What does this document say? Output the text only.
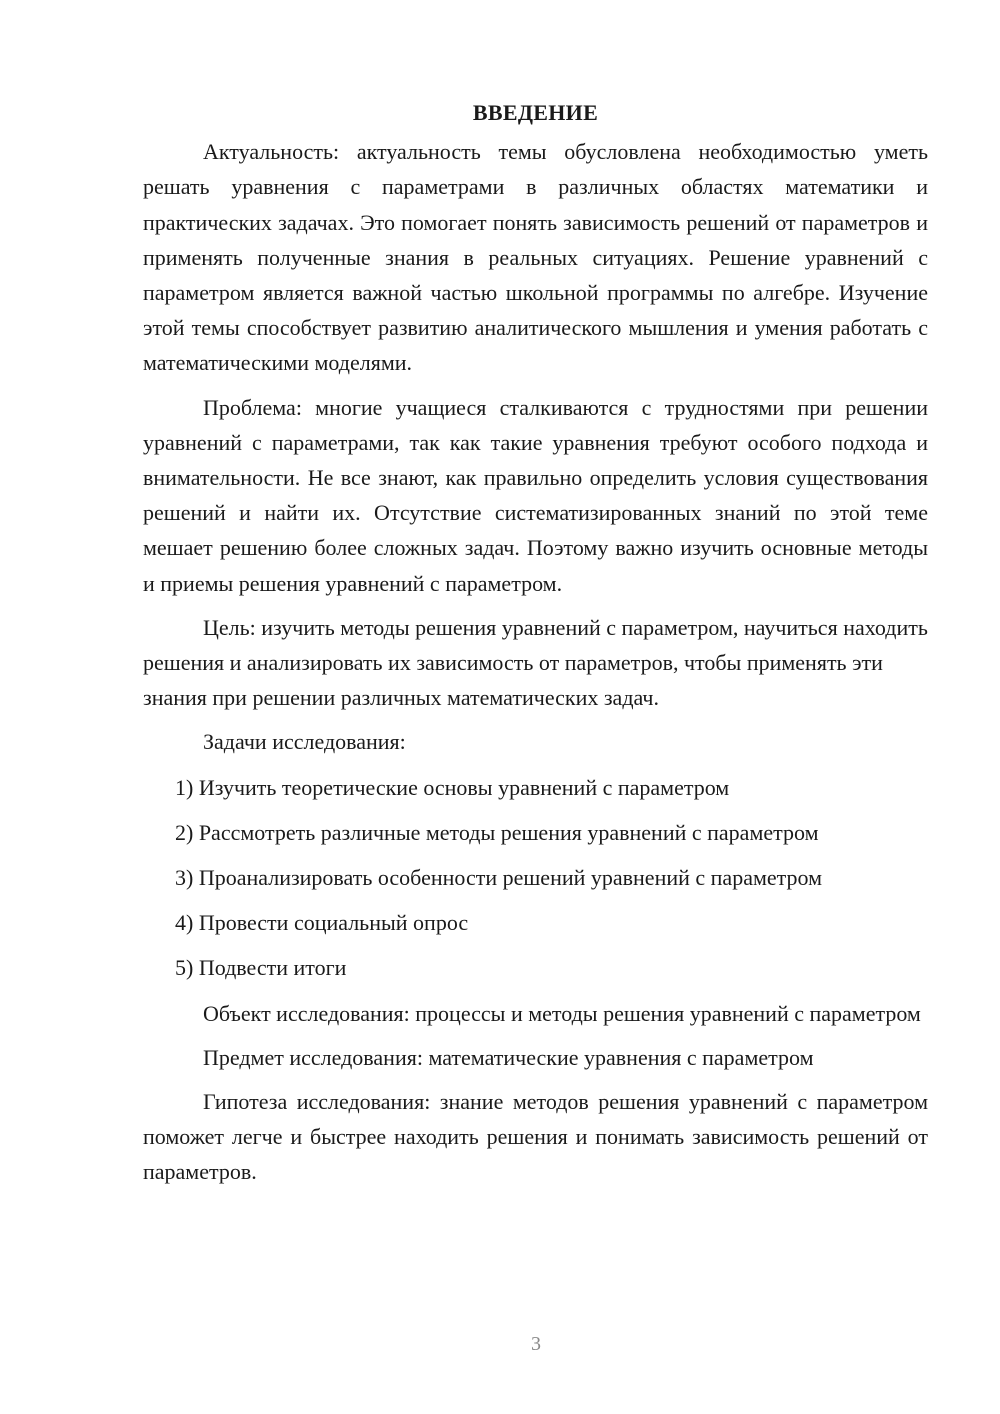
ВВЕДЕНИЕ

Актуальность: актуальность темы обусловлена необходимостью уметь решать уравнения с параметрами в различных областях математики и практических задачах. Это помогает понять зависимость решений от параметров и применять полученные знания в реальных ситуациях. Решение уравнений с параметром является важной частью школьной программы по алгебре. Изучение этой темы способствует развитию аналитического мышления и умения работать с математическими моделями.

Проблема: многие учащиеся сталкиваются с трудностями при решении уравнений с параметрами, так как такие уравнения требуют особого подхода и внимательности. Не все знают, как правильно определить условия существования решений и найти их. Отсутствие систематизированных знаний по этой теме мешает решению более сложных задач. Поэтому важно изучить основные методы и приемы решения уравнений с параметром.

Цель: изучить методы решения уравнений с параметром, научиться находить решения и анализировать их зависимость от параметров, чтобы применять эти знания при решении различных математических задач.

Задачи исследования:

1) Изучить теоретические основы уравнений с параметром
2) Рассмотреть различные методы решения уравнений с параметром
3) Проанализировать особенности решений уравнений с параметром
4) Провести социальный опрос
5) Подвести итоги

Объект исследования: процессы и методы решения уравнений с параметром

Предмет исследования: математические уравнения с параметром

Гипотеза исследования: знание методов решения уравнений с параметром поможет легче и быстрее находить решения и понимать зависимость решений от параметров.

3
